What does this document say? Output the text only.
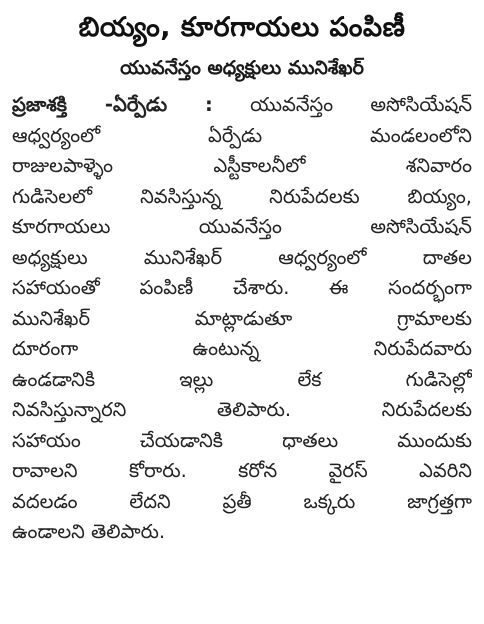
బియ్యం, కూరగాయలు పంపిణీ
యువనేస్తం అధ్యక్షులు మునిశేఖర్
ప్రజాశక్తి -ఏర్పేడు : యువనేస్తం అసోసియేషన్
ఆధ్వర్యంలో ఏర్పేడు మండలంలోని
రాజులపాళ్ళెం ఎస్టీకాలనీలో శనివారం
గుడిసెలలో నివసిస్తున్న నిరుపేదలకు బియ్యం,
కూరగాయలు యువనేస్తం అసోసియేషన్
అధ్యక్షులు మునిశేఖర్ ఆధ్వర్యంలో దాతల
సహాయంతో పంపిణీ చేశారు. ఈ సందర్భంగా
మునిశేఖర్ మాట్లాడుతూ గ్రామాలకు
దూరంగా ఉంటున్న నిరుపేదవారు
ఉండడానికి ఇల్లు లేక గుడిసెల్లో
నివసిస్తున్నారని తెలిపారు. నిరుపేదలకు
సహాయం చేయడానికి ధాతలు ముందుకు
రావాలని కోరారు. కరోన వైరస్ ఎవరిని
వదలడం లేదని ప్రతీ ఒక్కరు జాగ్రత్తగా
ఉండాలని తెలిపారు.
